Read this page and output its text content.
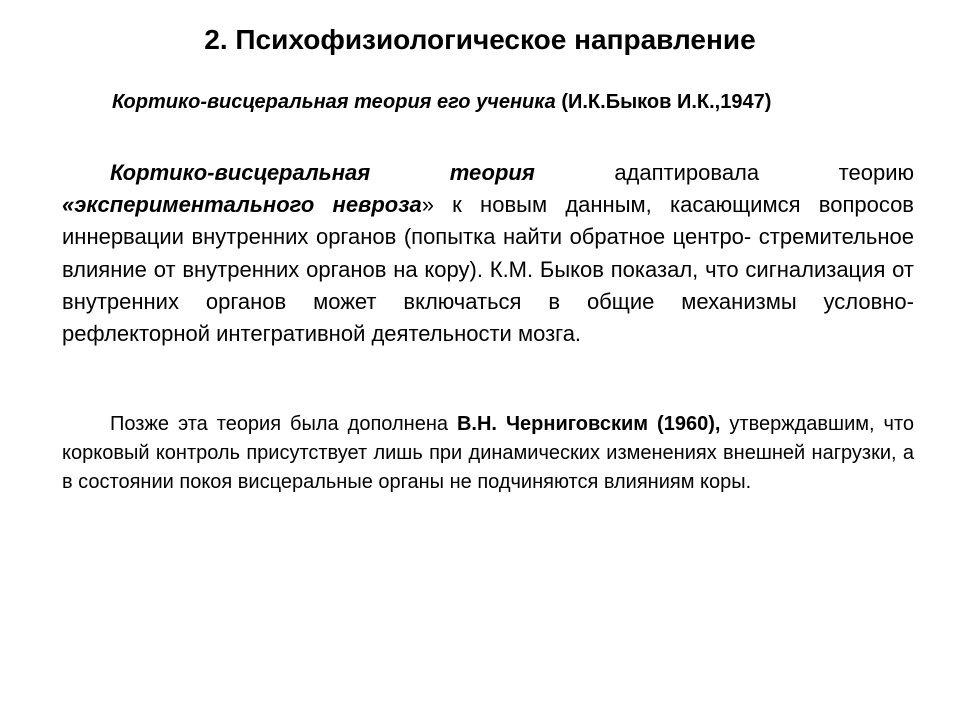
2. Психофизиологическое направление

Кортико-висцеральная теория его ученика (И.К.Быков И.К.,1947)

Кортико-висцеральная теория адаптировала теорию «экспериментального невроза» к новым данным, касающимся вопросов иннервации внутренних органов (попытка найти обратное центро- стремительное влияние от внутренних органов на кору). К.М. Быков показал, что сигнализация от внутренних органов может включаться в общие механизмы условно-рефлекторной интегративной деятельности мозга.

Позже эта теория была дополнена В.Н. Черниговским (1960), утверждавшим, что корковый контроль присутствует лишь при динамических изменениях внешней нагрузки, а в состоянии покоя висцеральные органы не подчиняются влияниям коры.
